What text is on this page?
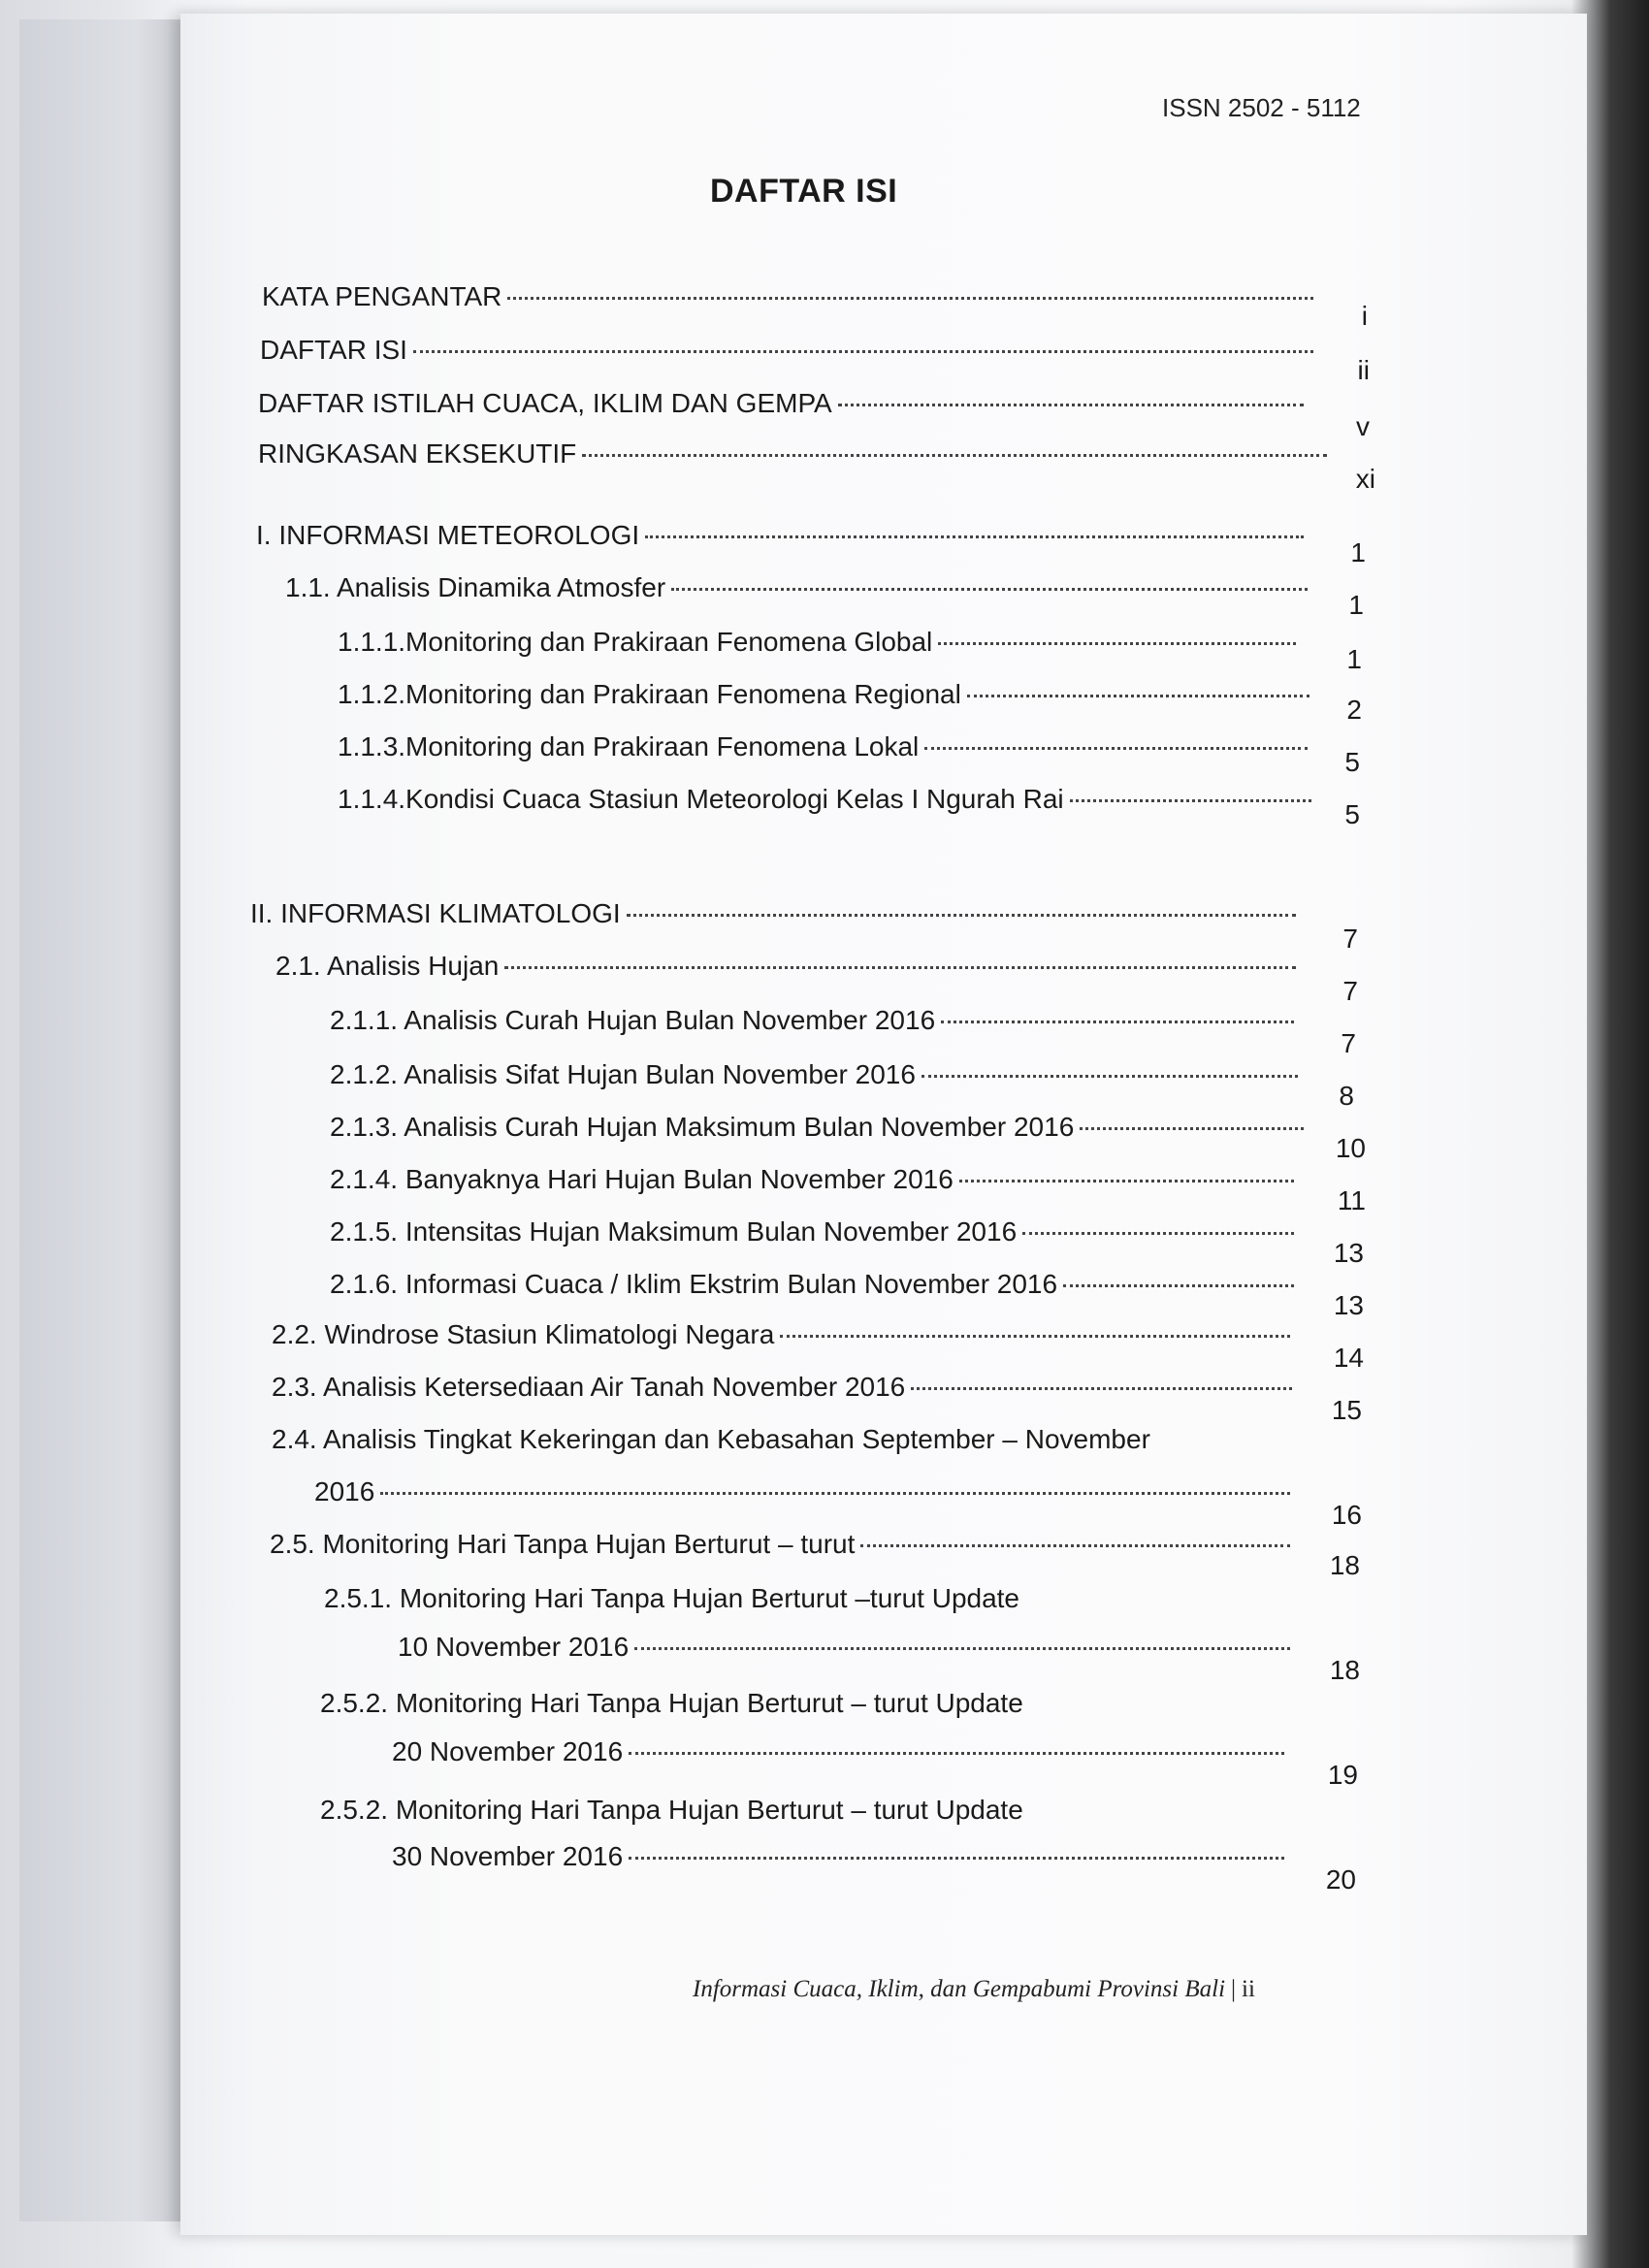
ISSN 2502 - 5112
DAFTAR ISI
KATA PENGANTAR
i
DAFTAR ISI
ii
DAFTAR ISTILAH CUACA, IKLIM DAN GEMPA
v
RINGKASAN EKSEKUTIF
xi
I. INFORMASI METEOROLOGI
1
1.1. Analisis Dinamika Atmosfer
1
1.1.1.Monitoring dan Prakiraan Fenomena Global
1
1.1.2.Monitoring dan Prakiraan Fenomena Regional
2
1.1.3.Monitoring dan Prakiraan Fenomena Lokal
5
1.1.4.Kondisi Cuaca Stasiun Meteorologi Kelas I Ngurah Rai
5
II. INFORMASI KLIMATOLOGI
7
2.1. Analisis Hujan
7
2.1.1. Analisis Curah Hujan Bulan November 2016
7
2.1.2. Analisis Sifat Hujan Bulan November 2016
8
2.1.3. Analisis Curah Hujan Maksimum Bulan November 2016
10
2.1.4. Banyaknya Hari Hujan Bulan November 2016
11
2.1.5. Intensitas Hujan Maksimum Bulan November 2016
13
2.1.6. Informasi Cuaca / Iklim Ekstrim Bulan November 2016
13
2.2. Windrose Stasiun Klimatologi Negara
14
2.3. Analisis Ketersediaan Air Tanah November 2016
15
2.4. Analisis Tingkat Kekeringan dan Kebasahan September – November
2016
16
2.5. Monitoring Hari Tanpa Hujan Berturut – turut
18
2.5.1. Monitoring Hari Tanpa Hujan Berturut –turut Update
10 November 2016
18
2.5.2. Monitoring Hari Tanpa Hujan Berturut – turut Update
20 November 2016
19
2.5.2. Monitoring Hari Tanpa Hujan Berturut – turut Update
30 November 2016
20
Informasi Cuaca, Iklim, dan Gempabumi Provinsi Bali | ii
